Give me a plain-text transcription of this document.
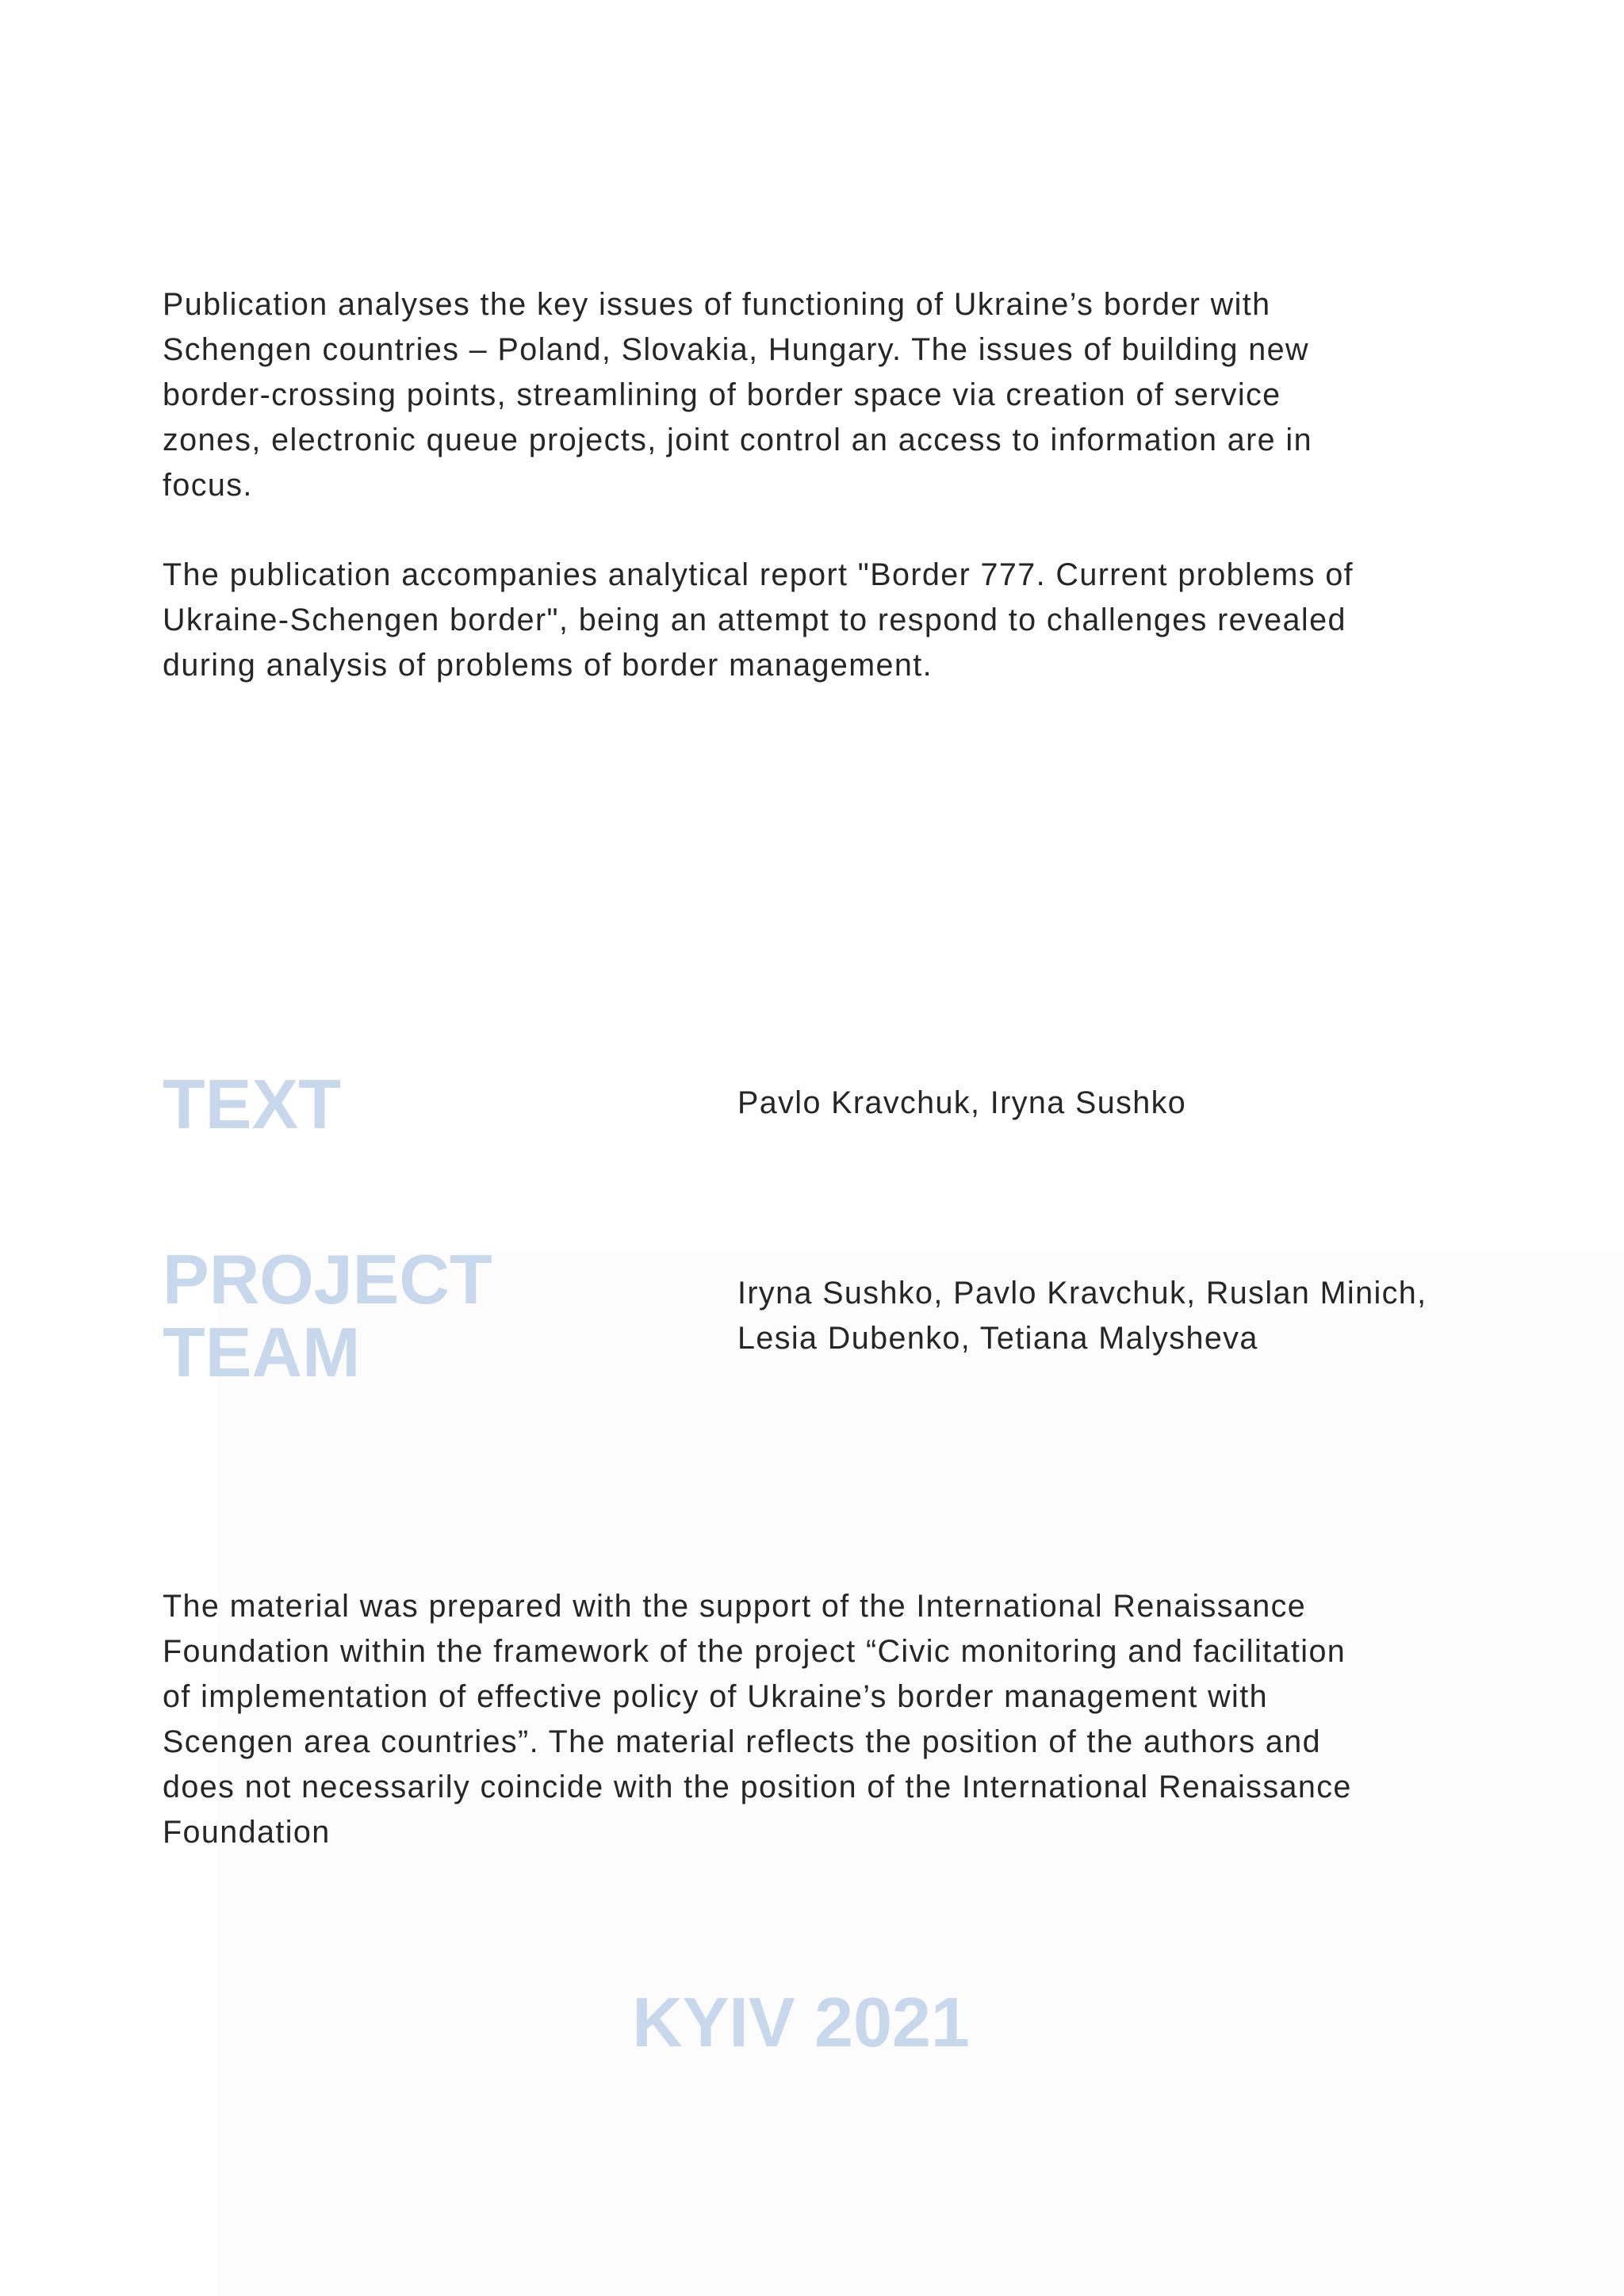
Publication analyses the key issues of functioning of Ukraine’s border with
Schengen countries – Poland, Slovakia, Hungary. The issues of building new
border-crossing points, streamlining of border space via creation of service
zones, electronic queue projects, joint control an access to information are in
focus.

The publication accompanies analytical report "Border 777. Current problems of
Ukraine-Schengen border", being an attempt to respond to challenges revealed
during analysis of problems of border management.

TEXT	Pavlo Kravchuk, Iryna Sushko

PROJECT
TEAM

Iryna Sushko, Pavlo Kravchuk, Ruslan Minich,
Lesia Dubenko, Tetiana Malysheva

The material was prepared with the support of the International Renaissance
Foundation within the framework of the project “Civic monitoring and facilitation
of implementation of effective policy of Ukraine’s border management with
Scengen area countries”. The material reflects the position of the authors and
does not necessarily coincide with the position of the International Renaissance
Foundation

KYIV 2021
